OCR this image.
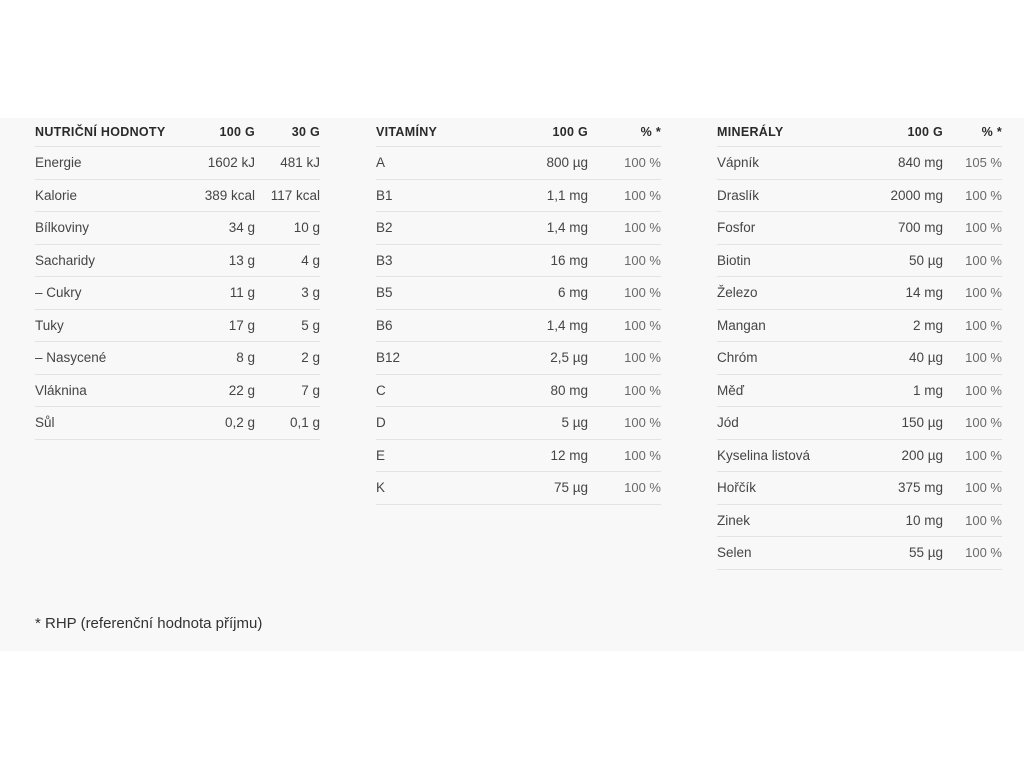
NUTRIČNÍ HODNOTY	100 G	30 G
Energie	1602 kJ	481 kJ
Kalorie	389 kcal	117 kcal
Bílkoviny	34 g	10 g
Sacharidy	13 g	4 g
– Cukry	11 g	3 g
Tuky	17 g	5 g
– Nasycené	8 g	2 g
Vláknina	22 g	7 g
Sůl	0,2 g	0,1 g
VITAMÍNY	100 G	% *
A	800 µg	100 %
B1	1,1 mg	100 %
B2	1,4 mg	100 %
B3	16 mg	100 %
B5	6 mg	100 %
B6	1,4 mg	100 %
B12	2,5 µg	100 %
C	80 mg	100 %
D	5 µg	100 %
E	12 mg	100 %
K	75 µg	100 %
MINERÁLY	100 G	% *
Vápník	840 mg	105 %
Draslík	2000 mg	100 %
Fosfor	700 mg	100 %
Biotin	50 µg	100 %
Železo	14 mg	100 %
Mangan	2 mg	100 %
Chróm	40 µg	100 %
Měď	1 mg	100 %
Jód	150 µg	100 %
Kyselina listová	200 µg	100 %
Hořčík	375 mg	100 %
Zinek	10 mg	100 %
Selen	55 µg	100 %
* RHP (referenční hodnota příjmu)
